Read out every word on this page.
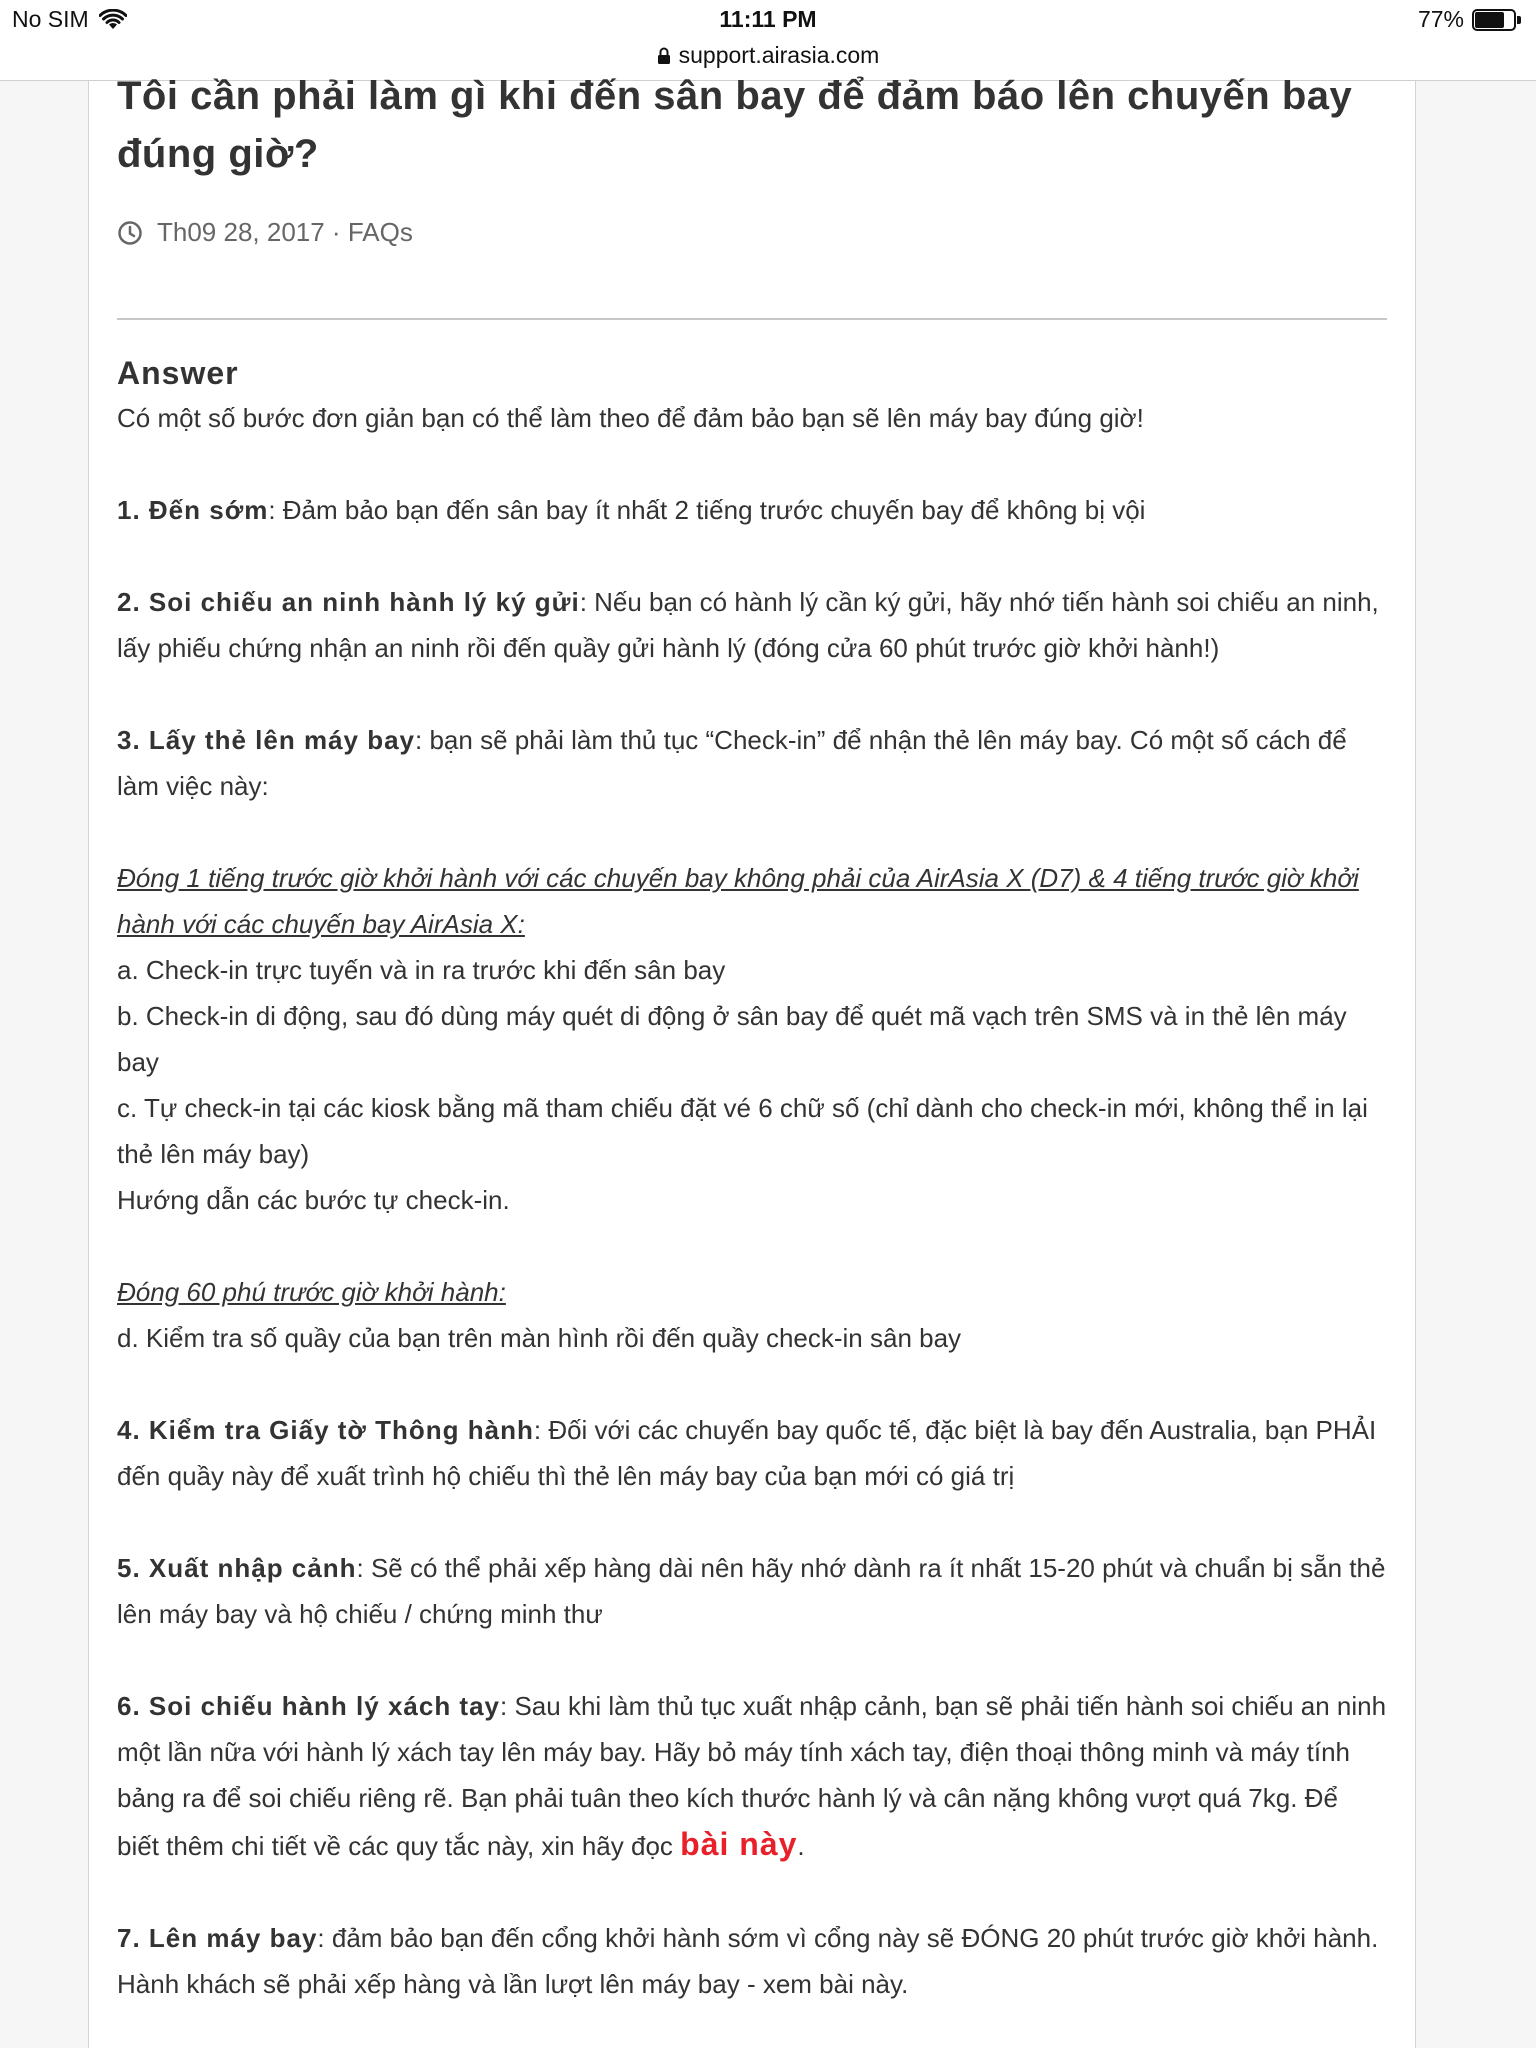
No SIM	11:11 PM	77%
support.airasia.com
Tôi cần phải làm gì khi đến sân bay để đảm báo lên chuyến bay đúng giờ?
Th09 28, 2017 · FAQs
Answer

Có một số bước đơn giản bạn có thể làm theo để đảm bảo bạn sẽ lên máy bay đúng giờ!

1. Đến sớm: Đảm bảo bạn đến sân bay ít nhất 2 tiếng trước chuyến bay để không bị vội

2. Soi chiếu an ninh hành lý ký gửi: Nếu bạn có hành lý cần ký gửi, hãy nhớ tiến hành soi chiếu an ninh, lấy phiếu chứng nhận an ninh rồi đến quầy gửi hành lý (đóng cửa 60 phút trước giờ khởi hành!)

3. Lấy thẻ lên máy bay: bạn sẽ phải làm thủ tục “Check-in” để nhận thẻ lên máy bay. Có một số cách để làm việc này:

Đóng 1 tiếng trước giờ khởi hành với các chuyến bay không phải của AirAsia X (D7) & 4 tiếng trước giờ khởi hành với các chuyến bay AirAsia X:

a. Check-in trực tuyến và in ra trước khi đến sân bay

b. Check-in di động, sau đó dùng máy quét di động ở sân bay để quét mã vạch trên SMS và in thẻ lên máy bay

c. Tự check-in tại các kiosk bằng mã tham chiếu đặt vé 6 chữ số (chỉ dành cho check-in mới, không thể in lại thẻ lên máy bay)

Hướng dẫn các bước tự check-in.

Đóng 60 phú trước giờ khởi hành:

d. Kiểm tra số quầy của bạn trên màn hình rồi đến quầy check-in sân bay

4. Kiểm tra Giấy tờ Thông hành: Đối với các chuyến bay quốc tế, đặc biệt là bay đến Australia, bạn PHẢI đến quầy này để xuất trình hộ chiếu thì thẻ lên máy bay của bạn mới có giá trị

5. Xuất nhập cảnh: Sẽ có thể phải xếp hàng dài nên hãy nhớ dành ra ít nhất 15-20 phút và chuẩn bị sẵn thẻ lên máy bay và hộ chiếu / chứng minh thư

6. Soi chiếu hành lý xách tay: Sau khi làm thủ tục xuất nhập cảnh, bạn sẽ phải tiến hành soi chiếu an ninh một lần nữa với hành lý xách tay lên máy bay. Hãy bỏ máy tính xách tay, điện thoại thông minh và máy tính bảng ra để soi chiếu riêng rẽ. Bạn phải tuân theo kích thước hành lý và cân nặng không vượt quá 7kg. Để biết thêm chi tiết về các quy tắc này, xin hãy đọc bài này.

7. Lên máy bay: đảm bảo bạn đến cổng khởi hành sớm vì cổng này sẽ ĐÓNG 20 phút trước giờ khởi hành. Hành khách sẽ phải xếp hàng và lần lượt lên máy bay - xem bài này.
